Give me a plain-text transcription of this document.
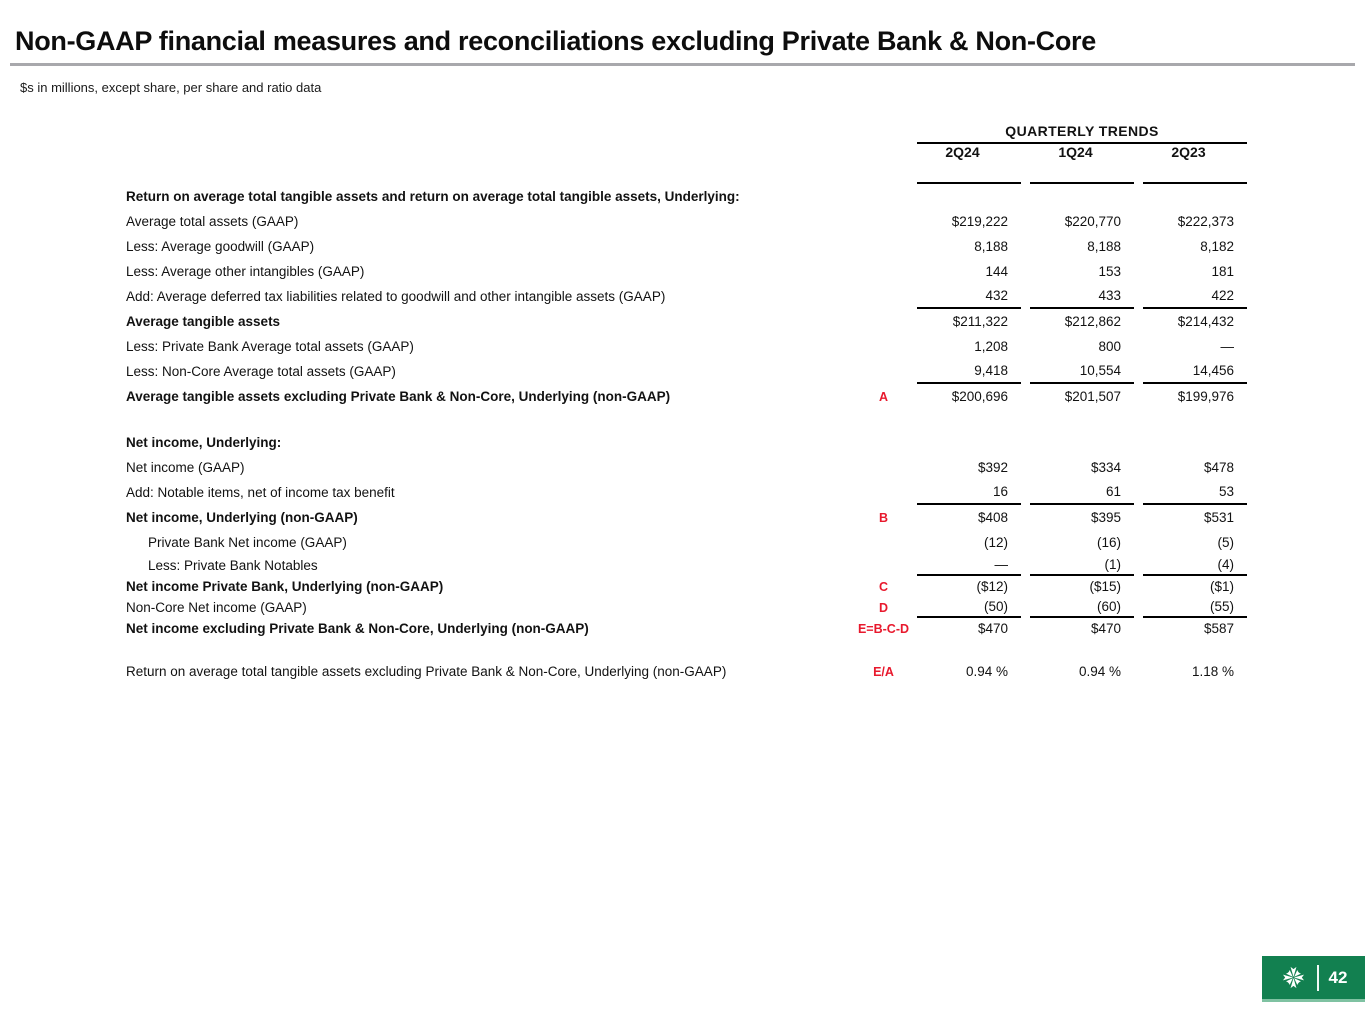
Non-GAAP financial measures and reconciliations excluding Private Bank & Non-Core
$s in millions, except share, per share and ratio data
QUARTERLY TRENDS
2Q24	1Q24	2Q23
Return on average total tangible assets and return on average total tangible assets, Underlying:
Average total assets (GAAP)	$219,222	$220,770	$222,373
Less: Average goodwill (GAAP)	8,188	8,188	8,182
Less: Average other intangibles (GAAP)	144	153	181
Add: Average deferred tax liabilities related to goodwill and other intangible assets (GAAP)	432	433	422
Average tangible assets	$211,322	$212,862	$214,432
Less: Private Bank Average total assets (GAAP)	1,208	800	—
Less: Non-Core Average total assets (GAAP)	9,418	10,554	14,456
Average tangible assets excluding Private Bank & Non-Core, Underlying (non-GAAP)	A	$200,696	$201,507	$199,976
Net income, Underlying:
Net income (GAAP)	$392	$334	$478
Add: Notable items, net of income tax benefit	16	61	53
Net income, Underlying (non-GAAP)	B	$408	$395	$531
Private Bank Net income (GAAP)	(12)	(16)	(5)
Less: Private Bank Notables	—	(1)	(4)
Net income Private Bank, Underlying (non-GAAP)	C	($12)	($15)	($1)
Non-Core Net income (GAAP)	D	(50)	(60)	(55)
Net income excluding Private Bank & Non-Core, Underlying (non-GAAP)	E=B-C-D	$470	$470	$587
Return on average total tangible assets excluding Private Bank & Non-Core, Underlying (non-GAAP)	E/A	0.94 %	0.94 %	1.18 %
42
